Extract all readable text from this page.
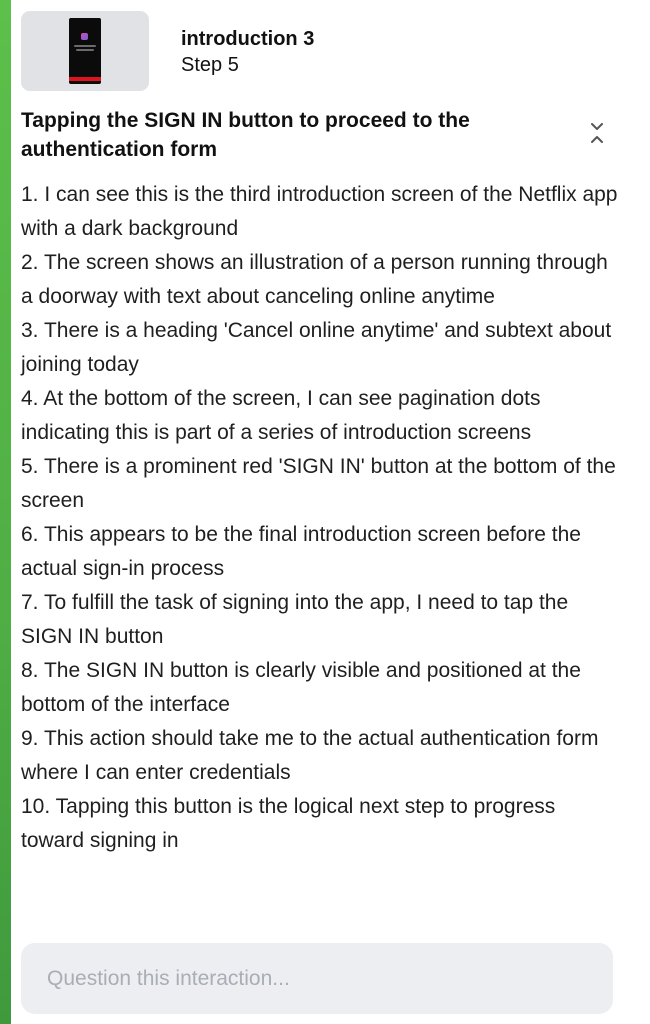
introduction 3
Step 5
Tapping the SIGN IN button to proceed to the authentication form
1. I can see this is the third introduction screen of the Netflix app with a dark background
2. The screen shows an illustration of a person running through a doorway with text about canceling online anytime
3. There is a heading 'Cancel online anytime' and subtext about joining today
4. At the bottom of the screen, I can see pagination dots indicating this is part of a series of introduction screens
5. There is a prominent red 'SIGN IN' button at the bottom of the screen
6. This appears to be the final introduction screen before the actual sign-in process
7. To fulfill the task of signing into the app, I need to tap the SIGN IN button
8. The SIGN IN button is clearly visible and positioned at the bottom of the interface
9. This action should take me to the actual authentication form where I can enter credentials
10. Tapping this button is the logical next step to progress toward signing in
Question this interaction...
